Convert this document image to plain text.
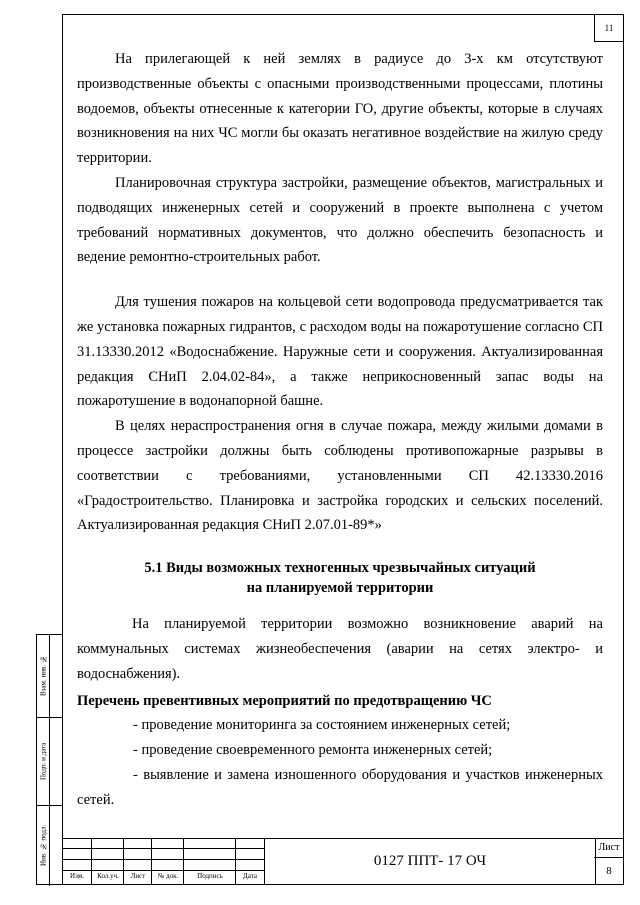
11

На прилегающей к ней землях в радиусе до 3-х км отсутствуют производственные объекты с опасными производственными процессами, плотины водоемов, объекты отнесенные к категории ГО, другие объекты, которые в случаях возникновения на них ЧС могли бы оказать негативное воздействие на жилую среду территории.

Планировочная структура застройки, размещение объектов, магистральных и подводящих инженерных сетей и сооружений в проекте выполнена с учетом требований нормативных документов, что должно обеспечить безопасность и ведение ремонтно-строительных работ.

Для тушения пожаров на кольцевой сети водопровода предусматривается так же установка пожарных гидрантов, с расходом воды на пожаротушение согласно СП 31.13330.2012 «Водоснабжение. Наружные сети и сооружения. Актуализированная редакция СНиП 2.04.02-84», а также неприкосновенный запас воды на пожаротушение в водонапорной башне.

В целях нераспространения огня в случае пожара, между жилыми домами в процессе застройки должны быть соблюдены противопожарные разрывы в соответствии с требованиями, установленными СП 42.13330.2016 «Градостроительство. Планировка и застройка городских и сельских поселений. Актуализированная редакция СНиП 2.07.01-89*»

5.1 Виды возможных техногенных чрезвычайных ситуаций
на планируемой территории

На планируемой территории возможно возникновение аварий на коммунальных системах жизнеобеспечения (аварии на сетях электро- и водоснабжения).

Перечень превентивных мероприятий по предотвращению ЧС

- проведение мониторинга за состоянием инженерных сетей;

- проведение своевременного ремонта инженерных сетей;

- выявление и замена изношенного оборудования и участков инженерных сетей.

Изм.	Кол.уч.	Лист	№ док.	Подпись	Дата
0127 ППТ- 17 ОЧ
Лист
8
Взам. инв. №
Подп. и дата
Инв. № подл.
